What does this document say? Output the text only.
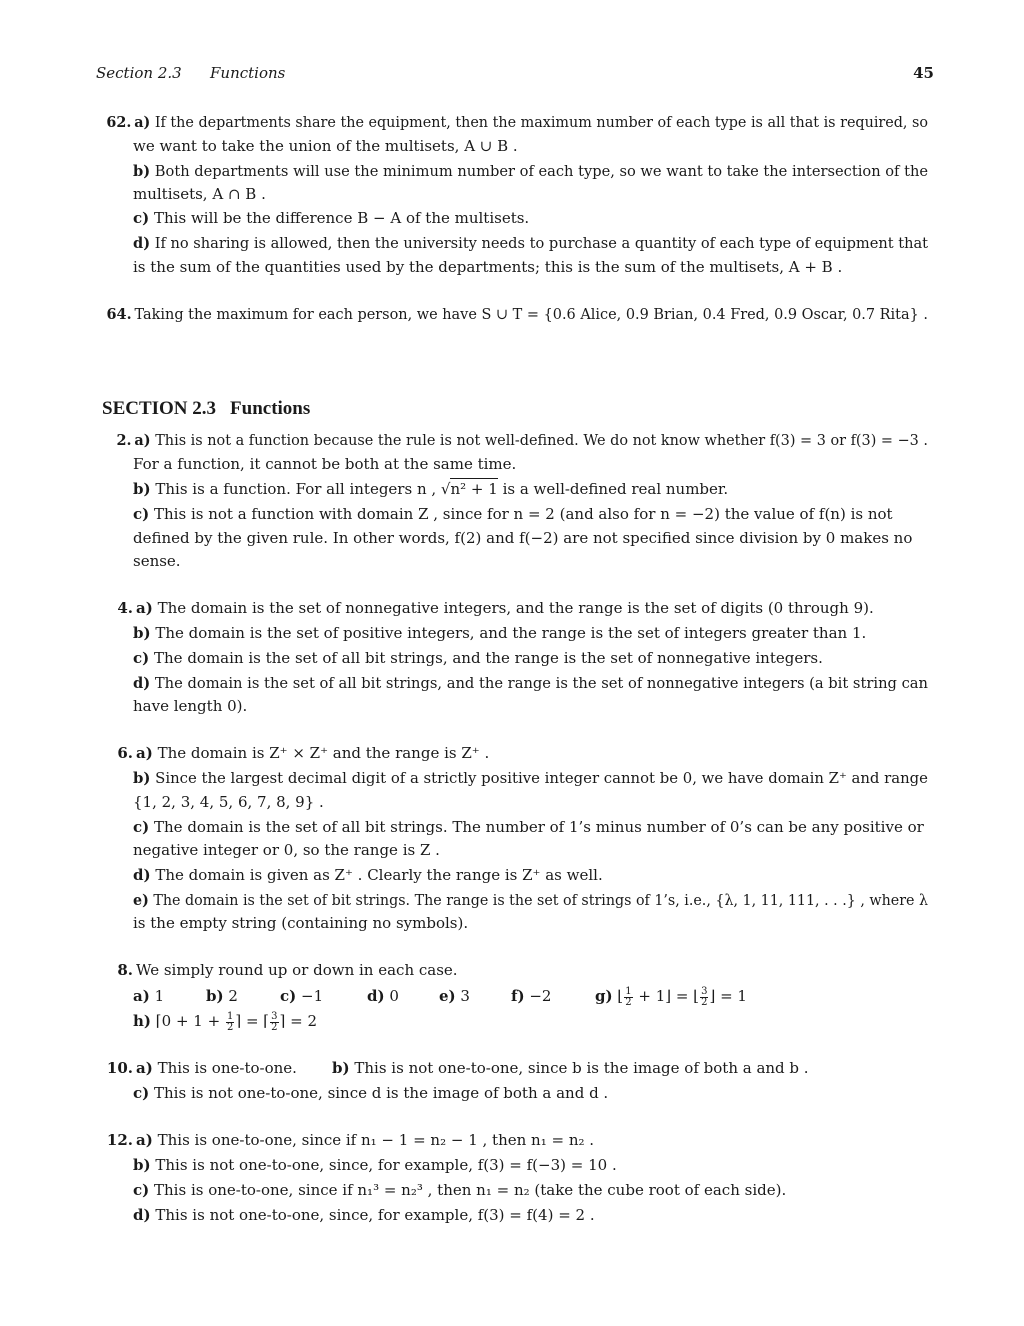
Section 2.3 Functions	45
62. a) If the departments share the equipment, then the maximum number of each type is all that is required, so
we want to take the union of the multisets, A ∪ B .
b) Both departments will use the minimum number of each type, so we want to take the intersection of the
multisets, A ∩ B .
c) This will be the difference B − A of the multisets.
d) If no sharing is allowed, then the university needs to purchase a quantity of each type of equipment that
is the sum of the quantities used by the departments; this is the sum of the multisets, A + B .
64. Taking the maximum for each person, we have S ∪ T = {0.6 Alice, 0.9 Brian, 0.4 Fred, 0.9 Oscar, 0.7 Rita} .
SECTION 2.3 Functions
2. a) This is not a function because the rule is not well-defined. We do not know whether f(3) = 3 or f(3) = −3 .
For a function, it cannot be both at the same time.
b) This is a function. For all integers n , √n² + 1 is a well-defined real number.
c) This is not a function with domain Z , since for n = 2 (and also for n = −2) the value of f(n) is not
defined by the given rule. In other words, f(2) and f(−2) are not specified since division by 0 makes no
sense.
4. a) The domain is the set of nonnegative integers, and the range is the set of digits (0 through 9).
b) The domain is the set of positive integers, and the range is the set of integers greater than 1.
c) The domain is the set of all bit strings, and the range is the set of nonnegative integers.
d) The domain is the set of all bit strings, and the range is the set of nonnegative integers (a bit string can
have length 0).
6. a) The domain is Z⁺ × Z⁺ and the range is Z⁺ .
b) Since the largest decimal digit of a strictly positive integer cannot be 0, we have domain Z⁺ and range
{1, 2, 3, 4, 5, 6, 7, 8, 9} .
c) The domain is the set of all bit strings. The number of 1’s minus number of 0’s can be any positive or
negative integer or 0, so the range is Z .
d) The domain is given as Z⁺ . Clearly the range is Z⁺ as well.
e) The domain is the set of bit strings. The range is the set of strings of 1’s, i.e., {λ, 1, 11, 111, . . .} , where λ
is the empty string (containing no symbols).
8. We simply round up or down in each case.
a) 1	b) 2	c) −1	d) 0	e) 3	f) −2	g) ⌊ $\frac{1}{2}$ + 1⌋ = ⌊ $\frac{3}{2}$ ⌋ = 1
h) ⌈0 + $1 + \frac{1}{2}$ ⌉ = ⌈ $\frac{3}{2}$ ⌉ = 2
10. a) This is one-to-one. b) This is not one-to-one, since b is the image of both a and b .
c) This is not one-to-one, since d is the image of both a and d .
12. a) This is one-to-one, since if n₁ − 1 = n₂ − 1 , then n₁ = n₂ .
b) This is not one-to-one, since, for example, f(3) = f(−3) = 10 .
c) This is one-to-one, since if n₁³ = n₂³ , then n₁ = n₂ (take the cube root of each side).
d) This is not one-to-one, since, for example, f(3) = f(4) = 2 .
